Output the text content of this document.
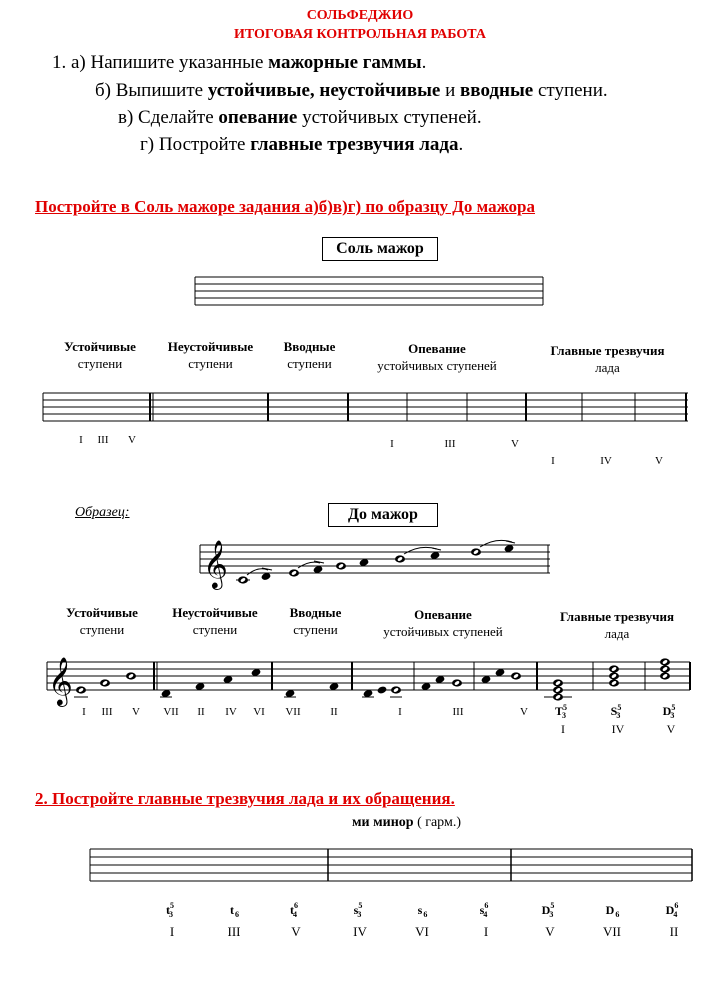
СОЛЬФЕДЖИО
ИТОГОВАЯ КОНТРОЛЬНАЯ РАБОТА
1. а) Напишите указанные мажорные гаммы.
б) Выпишите устойчивые, неустойчивые и вводные ступени.
в) Сделайте опевание устойчивых ступеней.
г) Постройте главные трезвучия лада.
Постройте в Соль мажоре задания а)б)в)г) по образцу До мажора
Соль мажор
Устойчивые
ступени
Неустойчивые
ступени
Вводные
ступени
Опевание
устойчивых ступеней
Главные трезвучия
лада
I	III	V	I	III	V
I	IV	V
Образец:	До мажор
Устойчивые
ступени
Неустойчивые
ступени
Вводные
ступени
Опевание
устойчивых ступеней
Главные трезвучия
лада
I	III	V	VII	II	IV	VI	VII	II	I	III	V	$T^5_3$	$S^5_3$	$D^5_3$
I	IV	V
2. Постройте главные трезвучия лада и их обращения.
ми минор ( гарм.)
$t^5_3$	$t_6$	$t^6_4$	$s^5_3$	$s_6$	$s^6_4$	$D^5_3$	$D_6$	$D^6_4$
I	III	V	IV	VI	I	V	VII	II
𝄞
𝄞
